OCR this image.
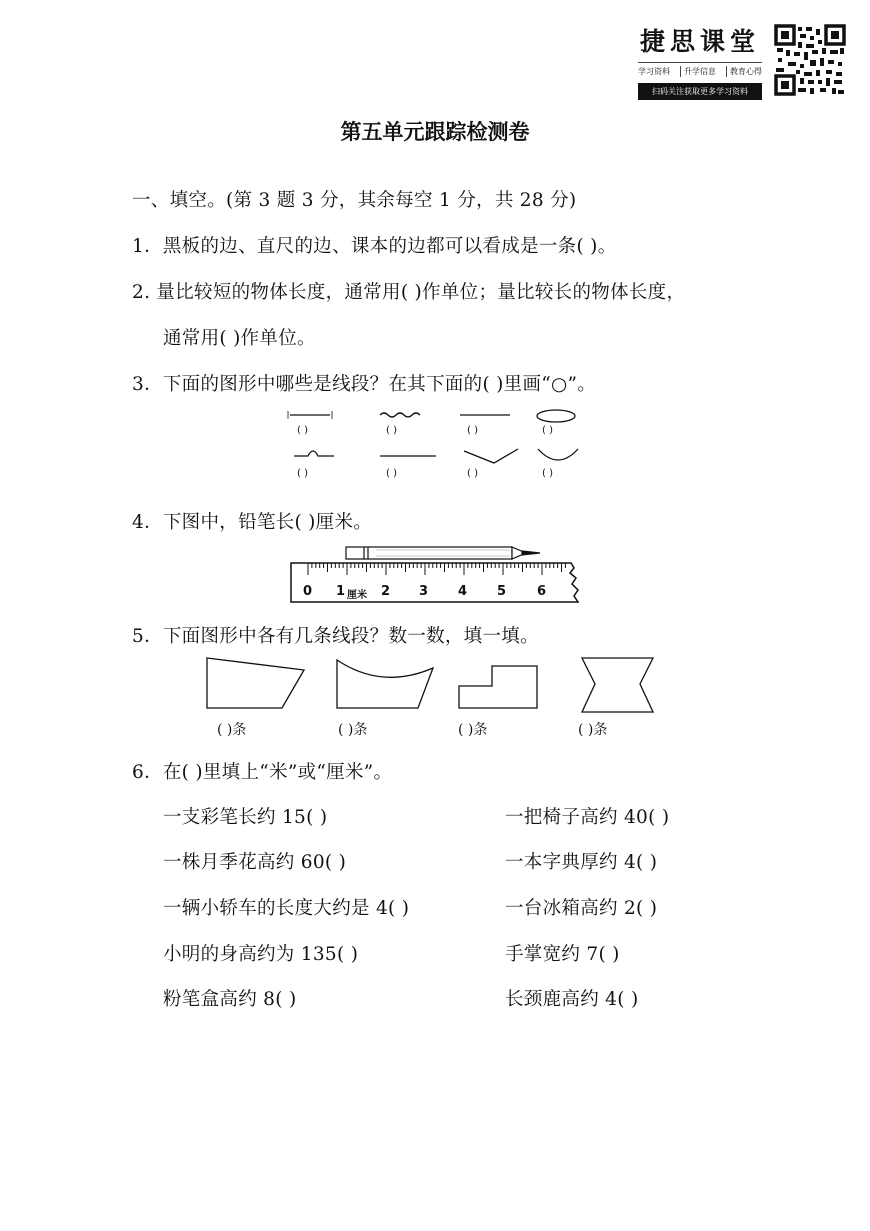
捷思课堂
学习资料	升学信息	教育心得
扫码关注获取更多学习资料
第五单元跟踪检测卷
一、填空。(第 3 题 3 分，其余每空 1 分，共 28 分)
1．黑板的边、直尺的边、课本的边都可以看成是一条( )。
2. 量比较短的物体长度，通常用( )作单位；量比较长的物体长度，
通常用( )作单位。
3．下面的图形中哪些是线段？在其下面的( )里画“○”。
( )	( )	( )	( )
( )	( )	( )	( )
4．下图中，铅笔长( )厘米。
0 1 厘米 2 3 4 5 6
5．下面图形中各有几条线段？数一数，填一填。
( )条	( )条	( )条	( )条
6．在( )里填上“米”或“厘米”。
一支彩笔长约 15( )	一把椅子高约 40( )
一株月季花高约 60( )	一本字典厚约 4( )
一辆小轿车的长度大约是 4( )	一台冰箱高约 2( )
小明的身高约为 135( )	手掌宽约 7( )
粉笔盒高约 8( )	长颈鹿高约 4( )
